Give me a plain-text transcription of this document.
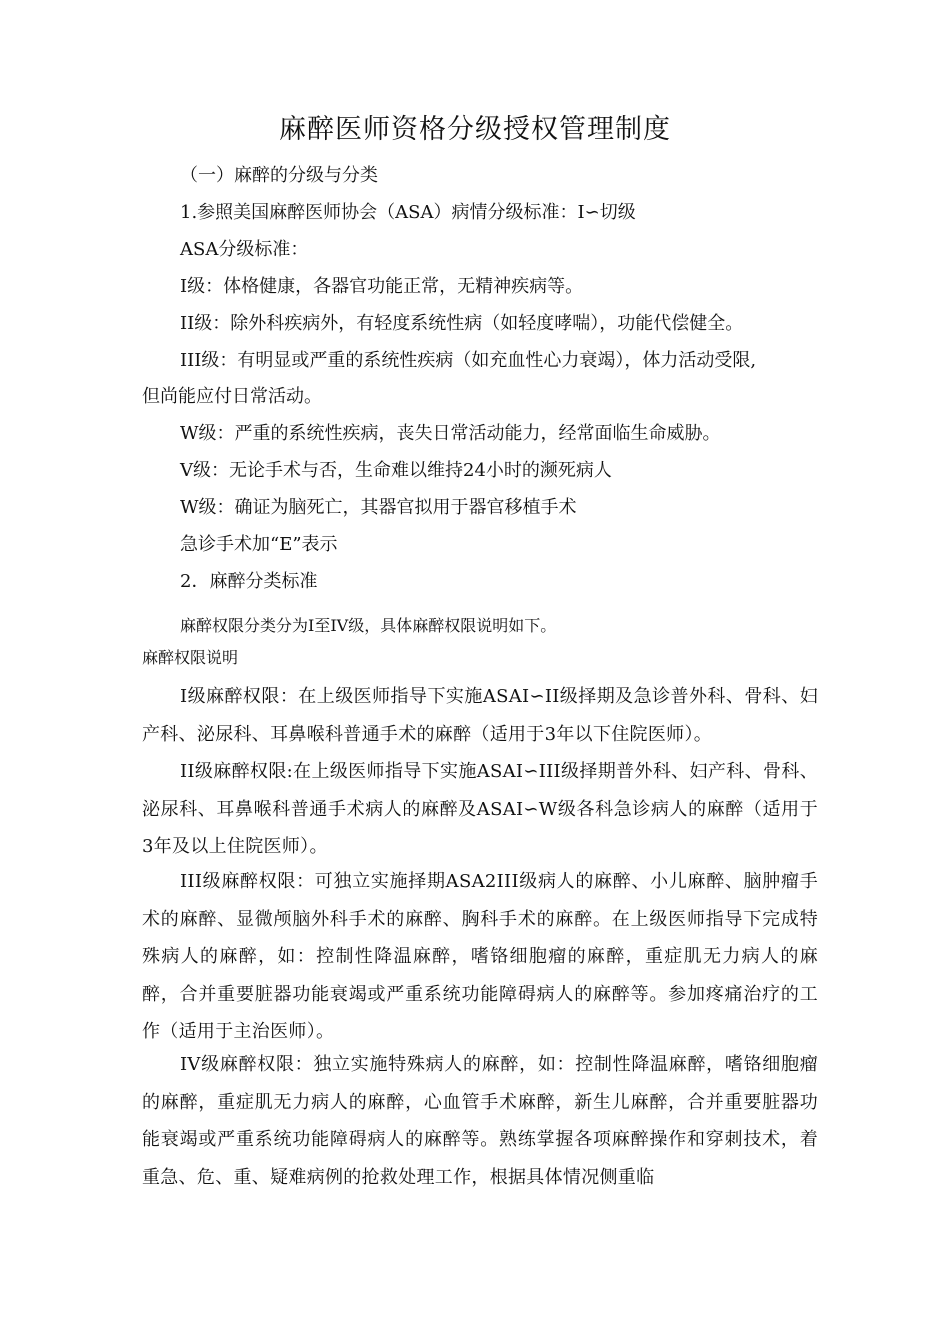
麻醉医师资格分级授权管理制度
（一）麻醉的分级与分类
1.参照美国麻醉医师协会（ASA）病情分级标准：I∽切级
ASA分级标准：
Ⅰ级：体格健康，各器官功能正常，无精神疾病等。
II级：除外科疾病外，有轻度系统性病（如轻度哮喘），功能代偿健全。
III级：有明显或严重的系统性疾病（如充血性心力衰竭），体力活动受限,
但尚能应付日常活动。
W级：严重的系统性疾病，丧失日常活动能力，经常面临生命威胁。
V级：无论手术与否，生命难以维持24小时的濒死病人
W级：确证为脑死亡，其器官拟用于器官移植手术
急诊手术加“E”表示
2．麻醉分类标准
麻醉权限分类分为I至IV级，具体麻醉权限说明如下。
麻醉权限说明
Ⅰ级麻醉权限：在上级医师指导下实施ASAI∽II级择期及急诊普外科、骨科、妇产科、泌尿科、耳鼻喉科普通手术的麻醉（适用于3年以下住院医师）。
II级麻醉权限:在上级医师指导下实施ASAI∽III级择期普外科、妇产科、骨科、泌尿科、耳鼻喉科普通手术病人的麻醉及ASAI∽W级各科急诊病人的麻醉（适用于3年及以上住院医师）。
III级麻醉权限：可独立实施择期ASA2III级病人的麻醉、小儿麻醉、脑肿瘤手术的麻醉、显微颅脑外科手术的麻醉、胸科手术的麻醉。在上级医师指导下完成特殊病人的麻醉，如：控制性降温麻醉，嗜铬细胞瘤的麻醉，重症肌无力病人的麻醉，合并重要脏器功能衰竭或严重系统功能障碍病人的麻醉等。参加疼痛治疗的工作（适用于主治医师）。
IV级麻醉权限：独立实施特殊病人的麻醉，如：控制性降温麻醉，嗜铬细胞瘤的麻醉，重症肌无力病人的麻醉，心血管手术麻醉，新生儿麻醉，合并重要脏器功能衰竭或严重系统功能障碍病人的麻醉等。熟练掌握各项麻醉操作和穿刺技术，着重急、危、重、疑难病例的抢救处理工作，根据具体情况侧重临
